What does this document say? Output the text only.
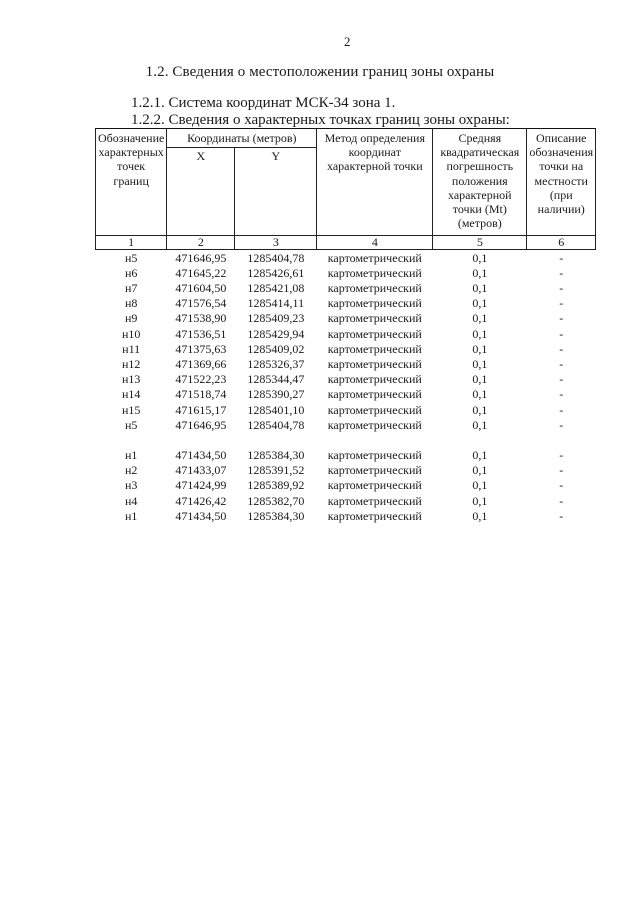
2
1.2. Сведения о местоположении границ зоны охраны
1.2.1. Система координат МСК-34 зона 1.
1.2.2. Сведения о характерных точках границ зоны охраны:
Обозначение характерных точек границ	Координаты (метров)		Метод определения координат характерной точки	Средняя квадратическая погрешность положения характерной точки (Mt) (метров)	Описание обозначения точки на местности (при наличии)
	X	Y			
1	2	3	4	5	6
н5	471646,95	1285404,78	картометрический	0,1	-
н6	471645,22	1285426,61	картометрический	0,1	-
н7	471604,50	1285421,08	картометрический	0,1	-
н8	471576,54	1285414,11	картометрический	0,1	-
н9	471538,90	1285409,23	картометрический	0,1	-
н10	471536,51	1285429,94	картометрический	0,1	-
н11	471375,63	1285409,02	картометрический	0,1	-
н12	471369,66	1285326,37	картометрический	0,1	-
н13	471522,23	1285344,47	картометрический	0,1	-
н14	471518,74	1285390,27	картометрический	0,1	-
н15	471615,17	1285401,10	картометрический	0,1	-
н5	471646,95	1285404,78	картометрический	0,1	-

н1	471434,50	1285384,30	картометрический	0,1	-
н2	471433,07	1285391,52	картометрический	0,1	-
н3	471424,99	1285389,92	картометрический	0,1	-
н4	471426,42	1285382,70	картометрический	0,1	-
н1	471434,50	1285384,30	картометрический	0,1	-
